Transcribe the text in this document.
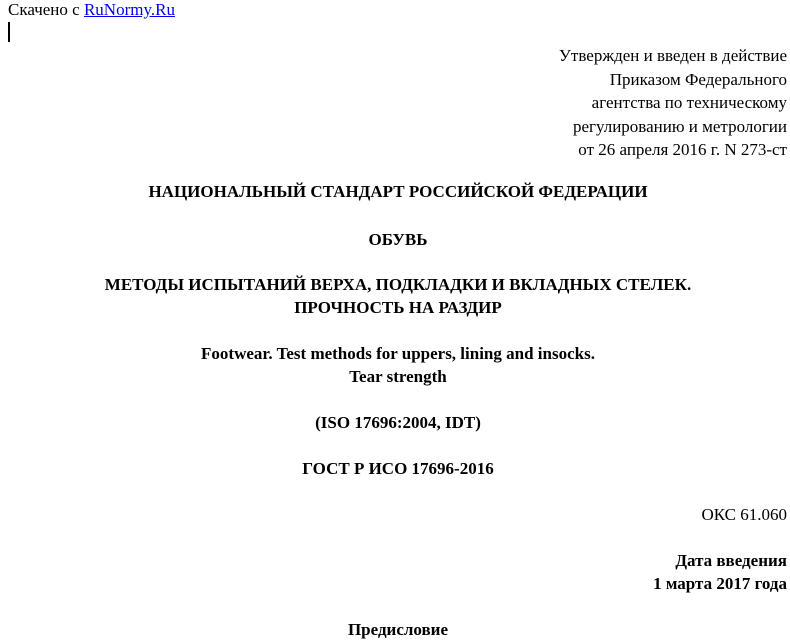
Скачено с RuNormy.Ru
Утвержден и введен в действие
Приказом Федерального
агентства по техническому
регулированию и метрологии
от 26 апреля 2016 г. N 273-ст
НАЦИОНАЛЬНЫЙ СТАНДАРТ РОССИЙСКОЙ ФЕДЕРАЦИИ
ОБУВЬ
МЕТОДЫ ИСПЫТАНИЙ ВЕРХА, ПОДКЛАДКИ И ВКЛАДНЫХ СТЕЛЕК.
ПРОЧНОСТЬ НА РАЗДИР
Footwear. Test methods for uppers, lining and insocks.
Tear strength
(ISO 17696:2004, IDT)
ГОСТ Р ИСО 17696-2016
ОКС 61.060
Дата введения
1 марта 2017 года
Предисловие
